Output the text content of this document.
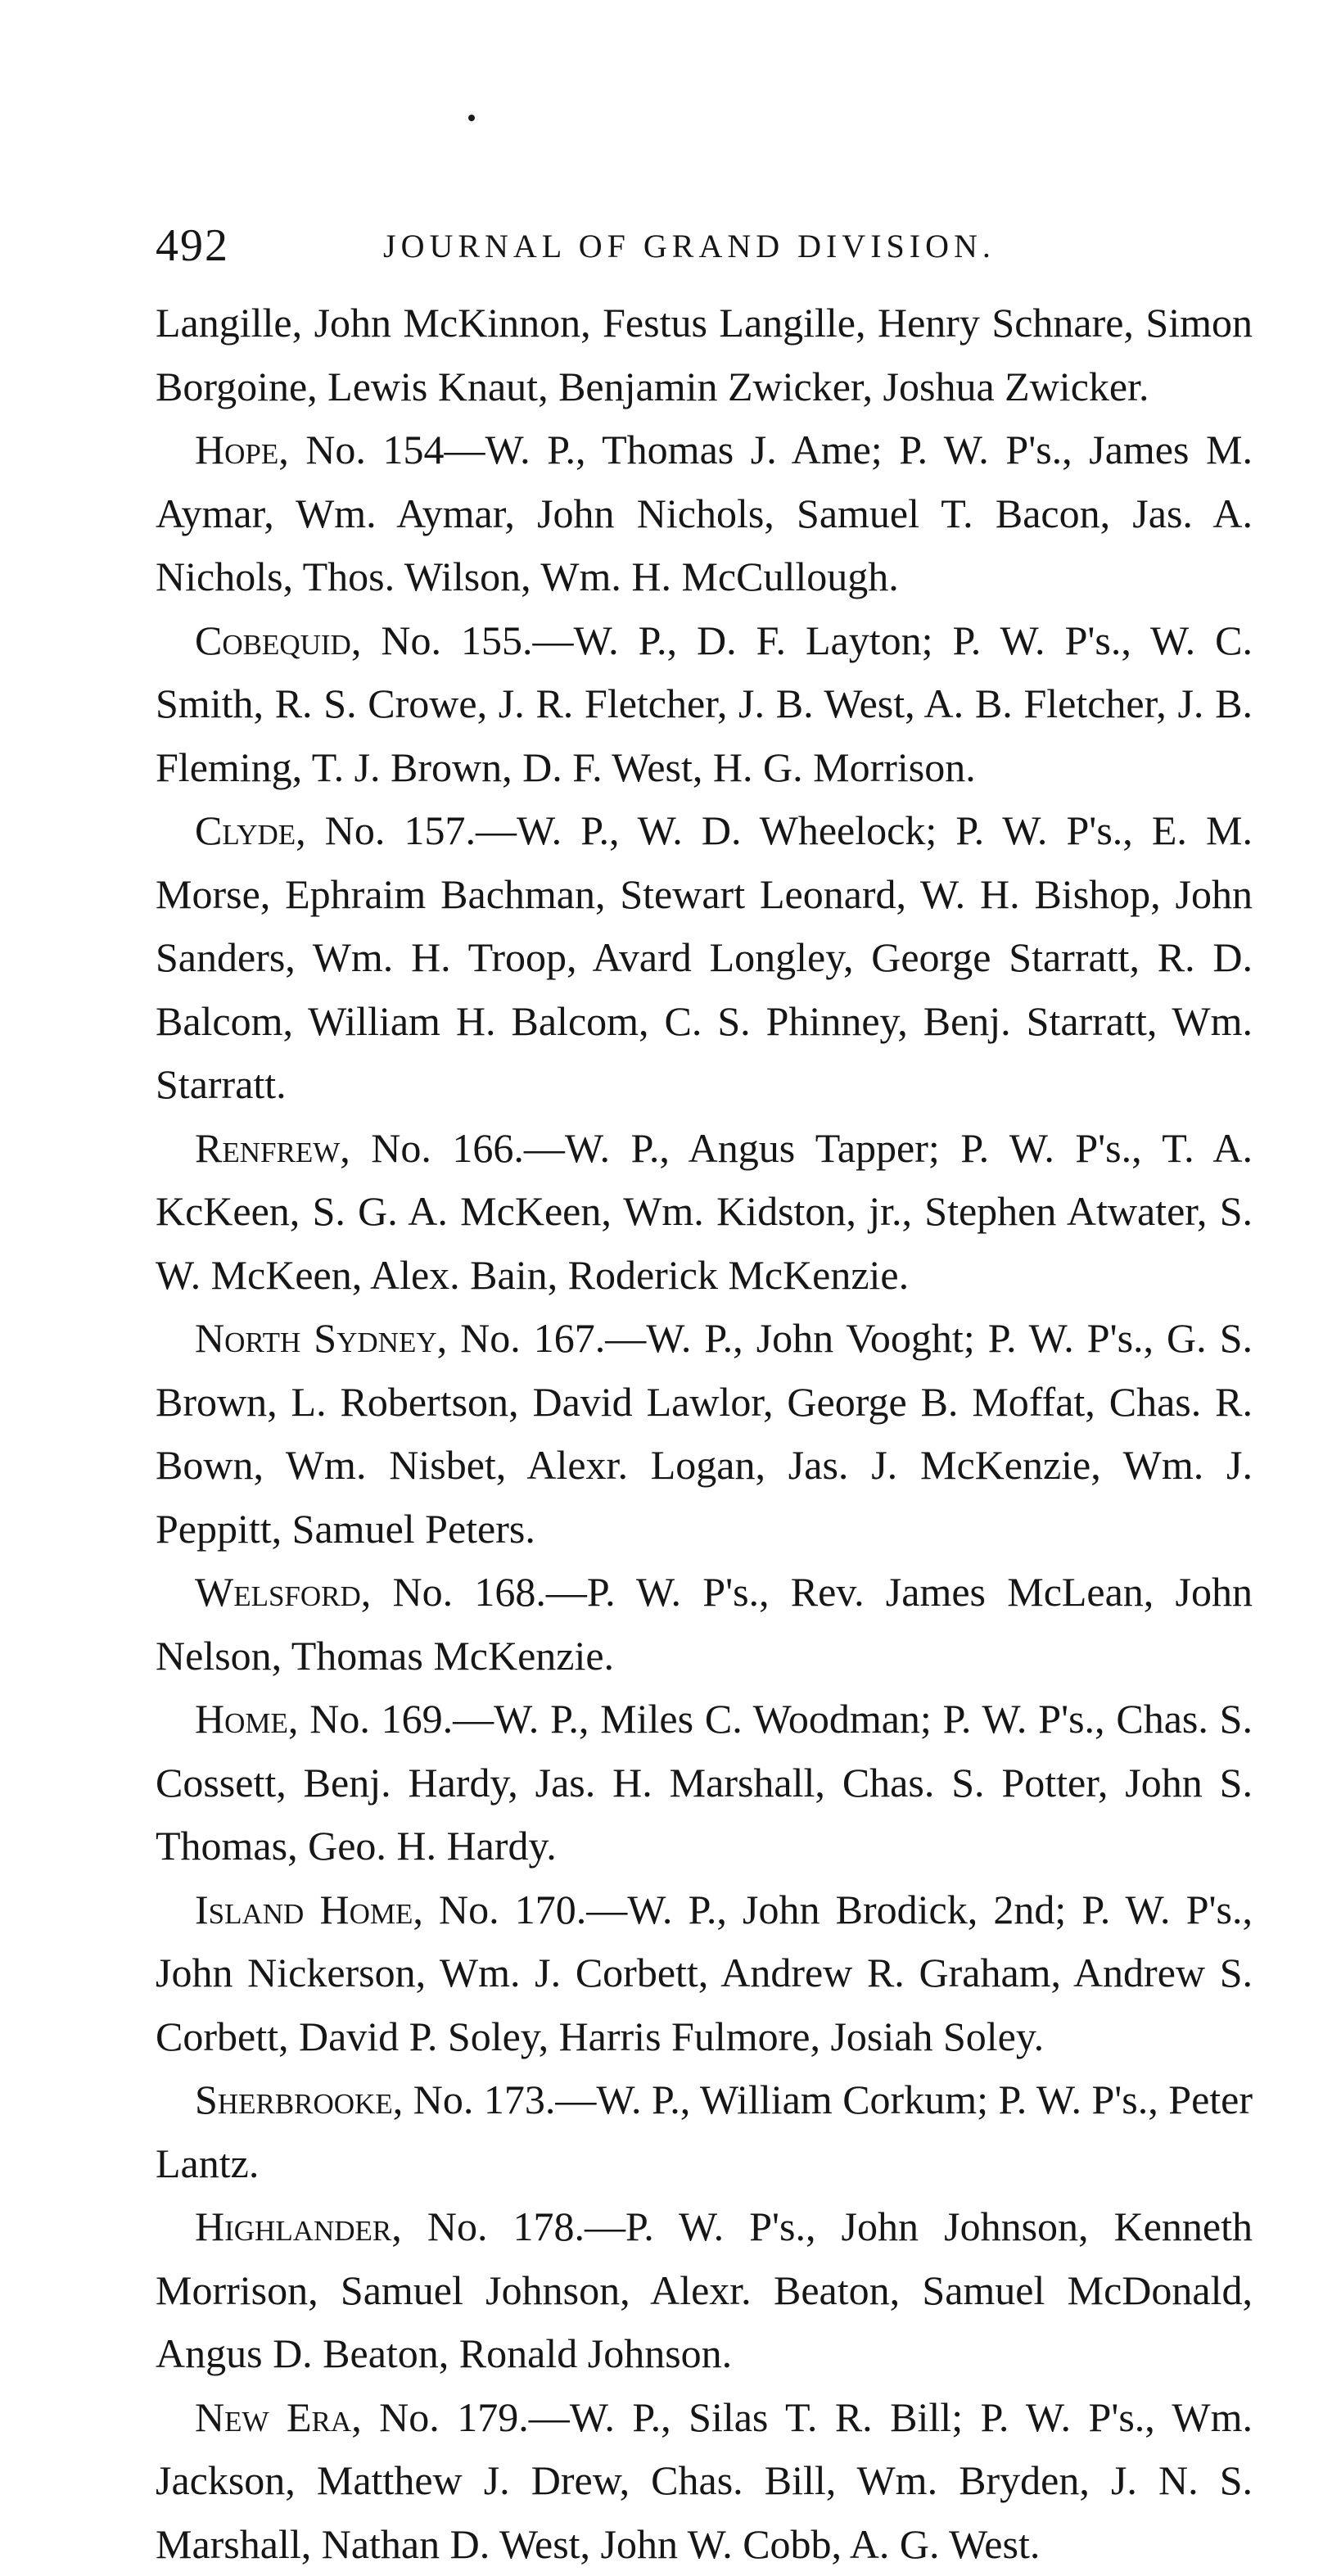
492	JOURNAL OF GRAND DIVISION.

Langille, John McKinnon, Festus Langille, Henry Schnare, Simon Borgoine, Lewis Knaut, Benjamin Zwicker, Joshua Zwicker.

Hope, No. 154—W. P., Thomas J. Ame; P. W. P's., James M. Aymar, Wm. Aymar, John Nichols, Samuel T. Bacon, Jas. A. Nichols, Thos. Wilson, Wm. H. McCullough.

Cobequid, No. 155.—W. P., D. F. Layton; P. W. P's., W. C. Smith, R. S. Crowe, J. R. Fletcher, J. B. West, A. B. Fletcher, J. B. Fleming, T. J. Brown, D. F. West, H. G. Morrison.

Clyde, No. 157.—W. P., W. D. Wheelock; P. W. P's., E. M. Morse, Ephraim Bachman, Stewart Leonard, W. H. Bishop, John Sanders, Wm. H. Troop, Avard Longley, George Starratt, R. D. Balcom, William H. Balcom, C. S. Phinney, Benj. Starratt, Wm. Starratt.

Renfrew, No. 166.—W. P., Angus Tapper; P. W. P's., T. A. KcKeen, S. G. A. McKeen, Wm. Kidston, jr., Stephen Atwater, S. W. McKeen, Alex. Bain, Roderick McKenzie.

North Sydney, No. 167.—W. P., John Vooght; P. W. P's., G. S. Brown, L. Robertson, David Lawlor, George B. Moffat, Chas. R. Bown, Wm. Nisbet, Alexr. Logan, Jas. J. McKenzie, Wm. J. Peppitt, Samuel Peters.

Welsford, No. 168.—P. W. P's., Rev. James McLean, John Nelson, Thomas McKenzie.

Home, No. 169.—W. P., Miles C. Woodman; P. W. P's., Chas. S. Cossett, Benj. Hardy, Jas. H. Marshall, Chas. S. Potter, John S. Thomas, Geo. H. Hardy.

Island Home, No. 170.—W. P., John Brodick, 2nd; P. W. P's., John Nickerson, Wm. J. Corbett, Andrew R. Graham, Andrew S. Corbett, David P. Soley, Harris Fulmore, Josiah Soley.

Sherbrooke, No. 173.—W. P., William Corkum; P. W. P's., Peter Lantz.

Highlander, No. 178.—P. W. P's., John Johnson, Kenneth Morrison, Samuel Johnson, Alexr. Beaton, Samuel McDonald, Angus D. Beaton, Ronald Johnson.

New Era, No. 179.—W. P., Silas T. R. Bill; P. W. P's., Wm. Jackson, Matthew J. Drew, Chas. Bill, Wm. Bryden, J. N. S. Marshall, Nathan D. West, John W. Cobb, A. G. West.
